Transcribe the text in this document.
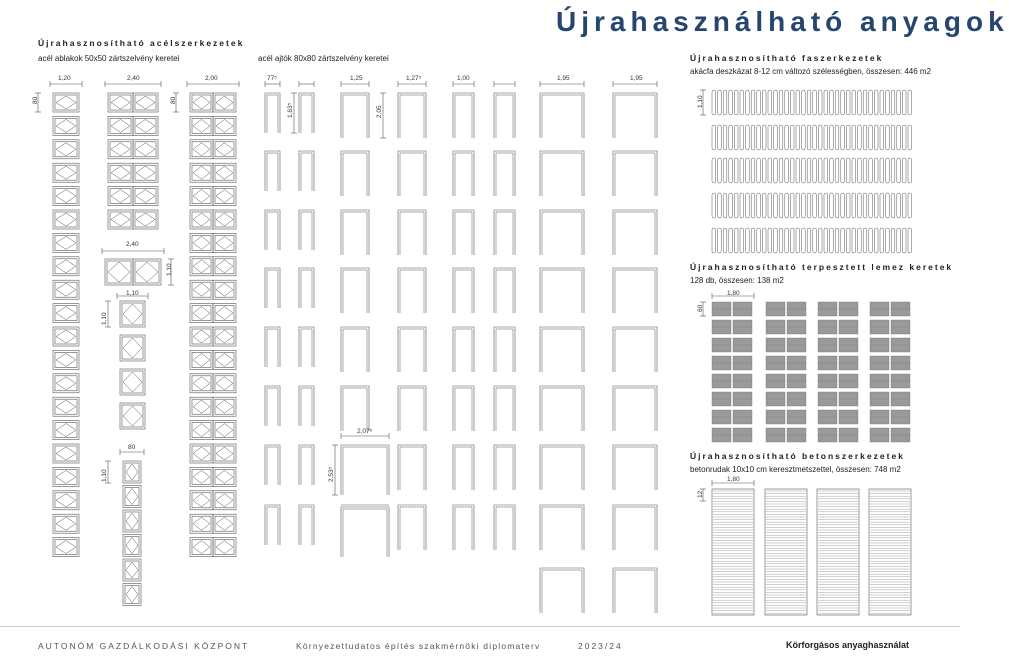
Újrahasználható anyagok
Újrahasznosítható acélszerkezetek
acél ablakok 50x50 zártszelvény keretei	acél ajtók 80x80 zártszelvény keretei
1,20	2,40	2,00
80	80
2,40
1,10
1,10
1,10
80
1,10
77⁵
1,63⁵
1,25
2,05
1,27⁵	1,00	1,95	1,95
2,07⁵
2,53⁵
Újrahasznosítható faszerkezetek
akácfa deszkázat 8-12 cm változó szélességben, összesen: 446 m2
1,10
Újrahasznosítható terpesztett lemez keretek
128 db, összesen: 138 m2
1,80
60
Újrahasznosítható betonszerkezetek
betonrudak 10x10 cm keresztmetszettel, összesen: 748 m2
1,80
12
AUTONÓM GAZDÁLKODÁSI KÖZPONT	Környezettudatos építés szakmérnöki diplomaterv	2023/24	Körforgásos anyaghasználat
